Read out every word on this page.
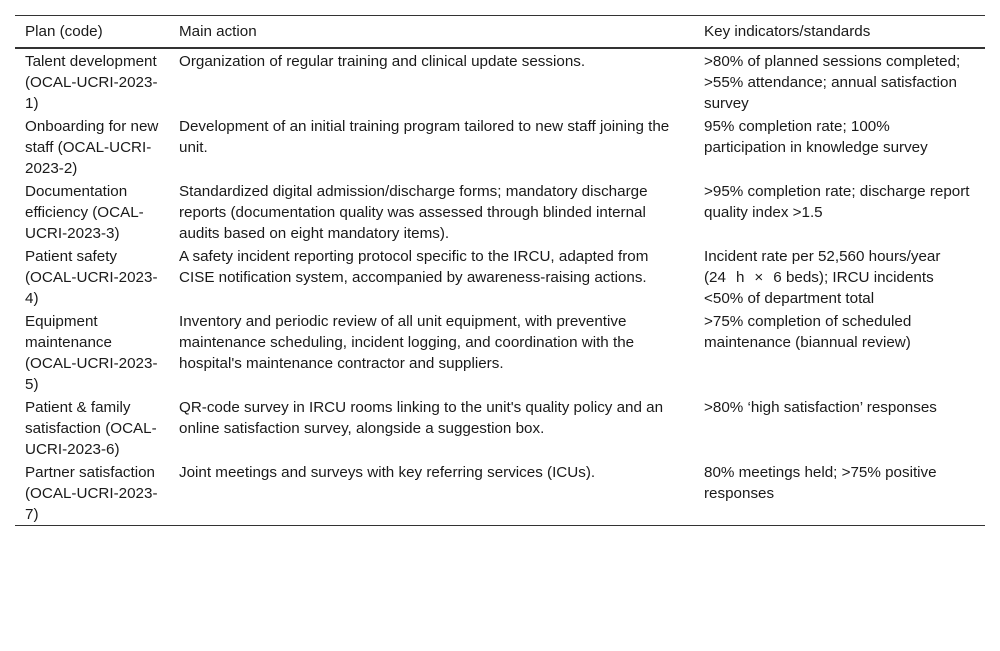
Plan (code)	Main action	Key indicators/standards
Talent development (OCAL-UCRI-2023-1)	Organization of regular training and clinical update sessions.	>80% of planned sessions completed; >55% attendance; annual satisfaction survey
Onboarding for new staff (OCAL-UCRI-2023-2)	Development of an initial training program tailored to new staff joining the unit.	95% completion rate; 100% participation in knowledge survey
Documentation efficiency (OCAL-UCRI-2023-3)	Standardized digital admission/discharge forms; mandatory discharge reports (documentation quality was assessed through blinded internal audits based on eight mandatory items).	>95% completion rate; discharge report quality index >1.5
Patient safety (OCAL-UCRI-2023-4)	A safety incident reporting protocol specific to the IRCU, adapted from CISE notification system, accompanied by awareness-raising actions.	Incident rate per 52,560 hours/year (24 h × 6 beds); IRCU incidents <50% of department total
Equipment maintenance (OCAL-UCRI-2023-5)	Inventory and periodic review of all unit equipment, with preventive maintenance scheduling, incident logging, and coordination with the hospital's maintenance contractor and suppliers.	>75% completion of scheduled maintenance (biannual review)
Patient & family satisfaction (OCAL-UCRI-2023-6)	QR-code survey in IRCU rooms linking to the unit's quality policy and an online satisfaction survey, alongside a suggestion box.	>80% ‘high satisfaction’ responses
Partner satisfaction (OCAL-UCRI-2023-7)	Joint meetings and surveys with key referring services (ICUs).	80% meetings held; >75% positive responses
